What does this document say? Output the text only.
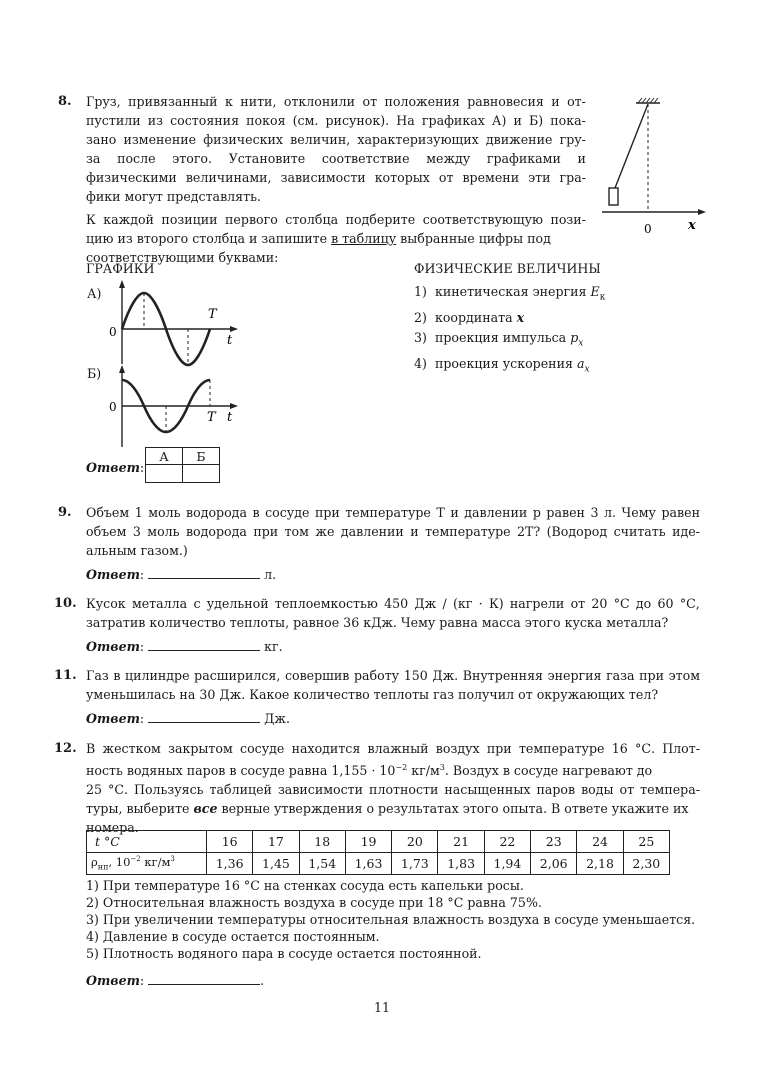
8. Груз, привязанный к нити, отклонили от положения равновесия и от-
пустили из состояния покоя (см. рисунок). На графиках А) и Б) пока-
зано изменение физических величин, характеризующих движение гру-
за после этого. Установите соответствие между графиками и
физическими величинами, зависимости которых от времени эти гра-
фики могут представлять.
К каждой позиции первого столбца подберите соответствующую пози-
цию из второго столбца и запишите в таблицу выбранные цифры под
соответствующими буквами:
0	x
ГРАФИКИ	ФИЗИЧЕСКИЕ ВЕЛИЧИНЫ
А)
0
T
t
Б)
0
T t
1) кинетическая энергия $E_к$
2) координата x
3) проекция импульса $p_x$
4) проекция ускорения $a_x$
Ответ:
А	Б

9. Объем 1 моль водорода в сосуде при температуре T и давлении p равен 3 л. Чему равен
объем 3 моль водорода при том же давлении и температуре 2T? (Водород считать иде-
альным газом.)
Ответ:	л.
10. Кусок металла с удельной теплоемкостью 450 Дж / (кг · К) нагрели от 20 °С до 60 °С,
затратив количество теплоты, равное 36 кДж. Чему равна масса этого куска металла?
Ответ:	кг.
11. Газ в цилиндре расширился, совершив работу 150 Дж. Внутренняя энергия газа при этом
уменьшилась на 30 Дж. Какое количество теплоты газ получил от окружающих тел?
Ответ:	Дж.
12. В жестком закрытом сосуде находится влажный воздух при температуре 16 °С. Плот-
ность водяных паров в сосуде равна $1,155 \cdot 10^{-2}$ $кг/м^3$. Воздух в сосуде нагревают до
25 °С. Пользуясь таблицей зависимости плотности насыщенных паров воды от темпера-
туры, выберите все верные утверждения о результатах этого опыта. В ответе укажите их
номера.
t °С	16	17	18	19	20	21	22	23	24	25
$\rho_{нп}$, $10^{-2}$ $кг/м^3$	1,36	1,45	1,54	1,63	1,73	1,83	1,94	2,06	2,18	2,30
1) При температуре 16 °С на стенках сосуда есть капельки росы.
2) Относительная влажность воздуха в сосуде при 18 °С равна 75%.
3) При увеличении температуры относительная влажность воздуха в сосуде уменьшается.
4) Давление в сосуде остается постоянным.
5) Плотность водяного пара в сосуде остается постоянной.
Ответ:	.
11
